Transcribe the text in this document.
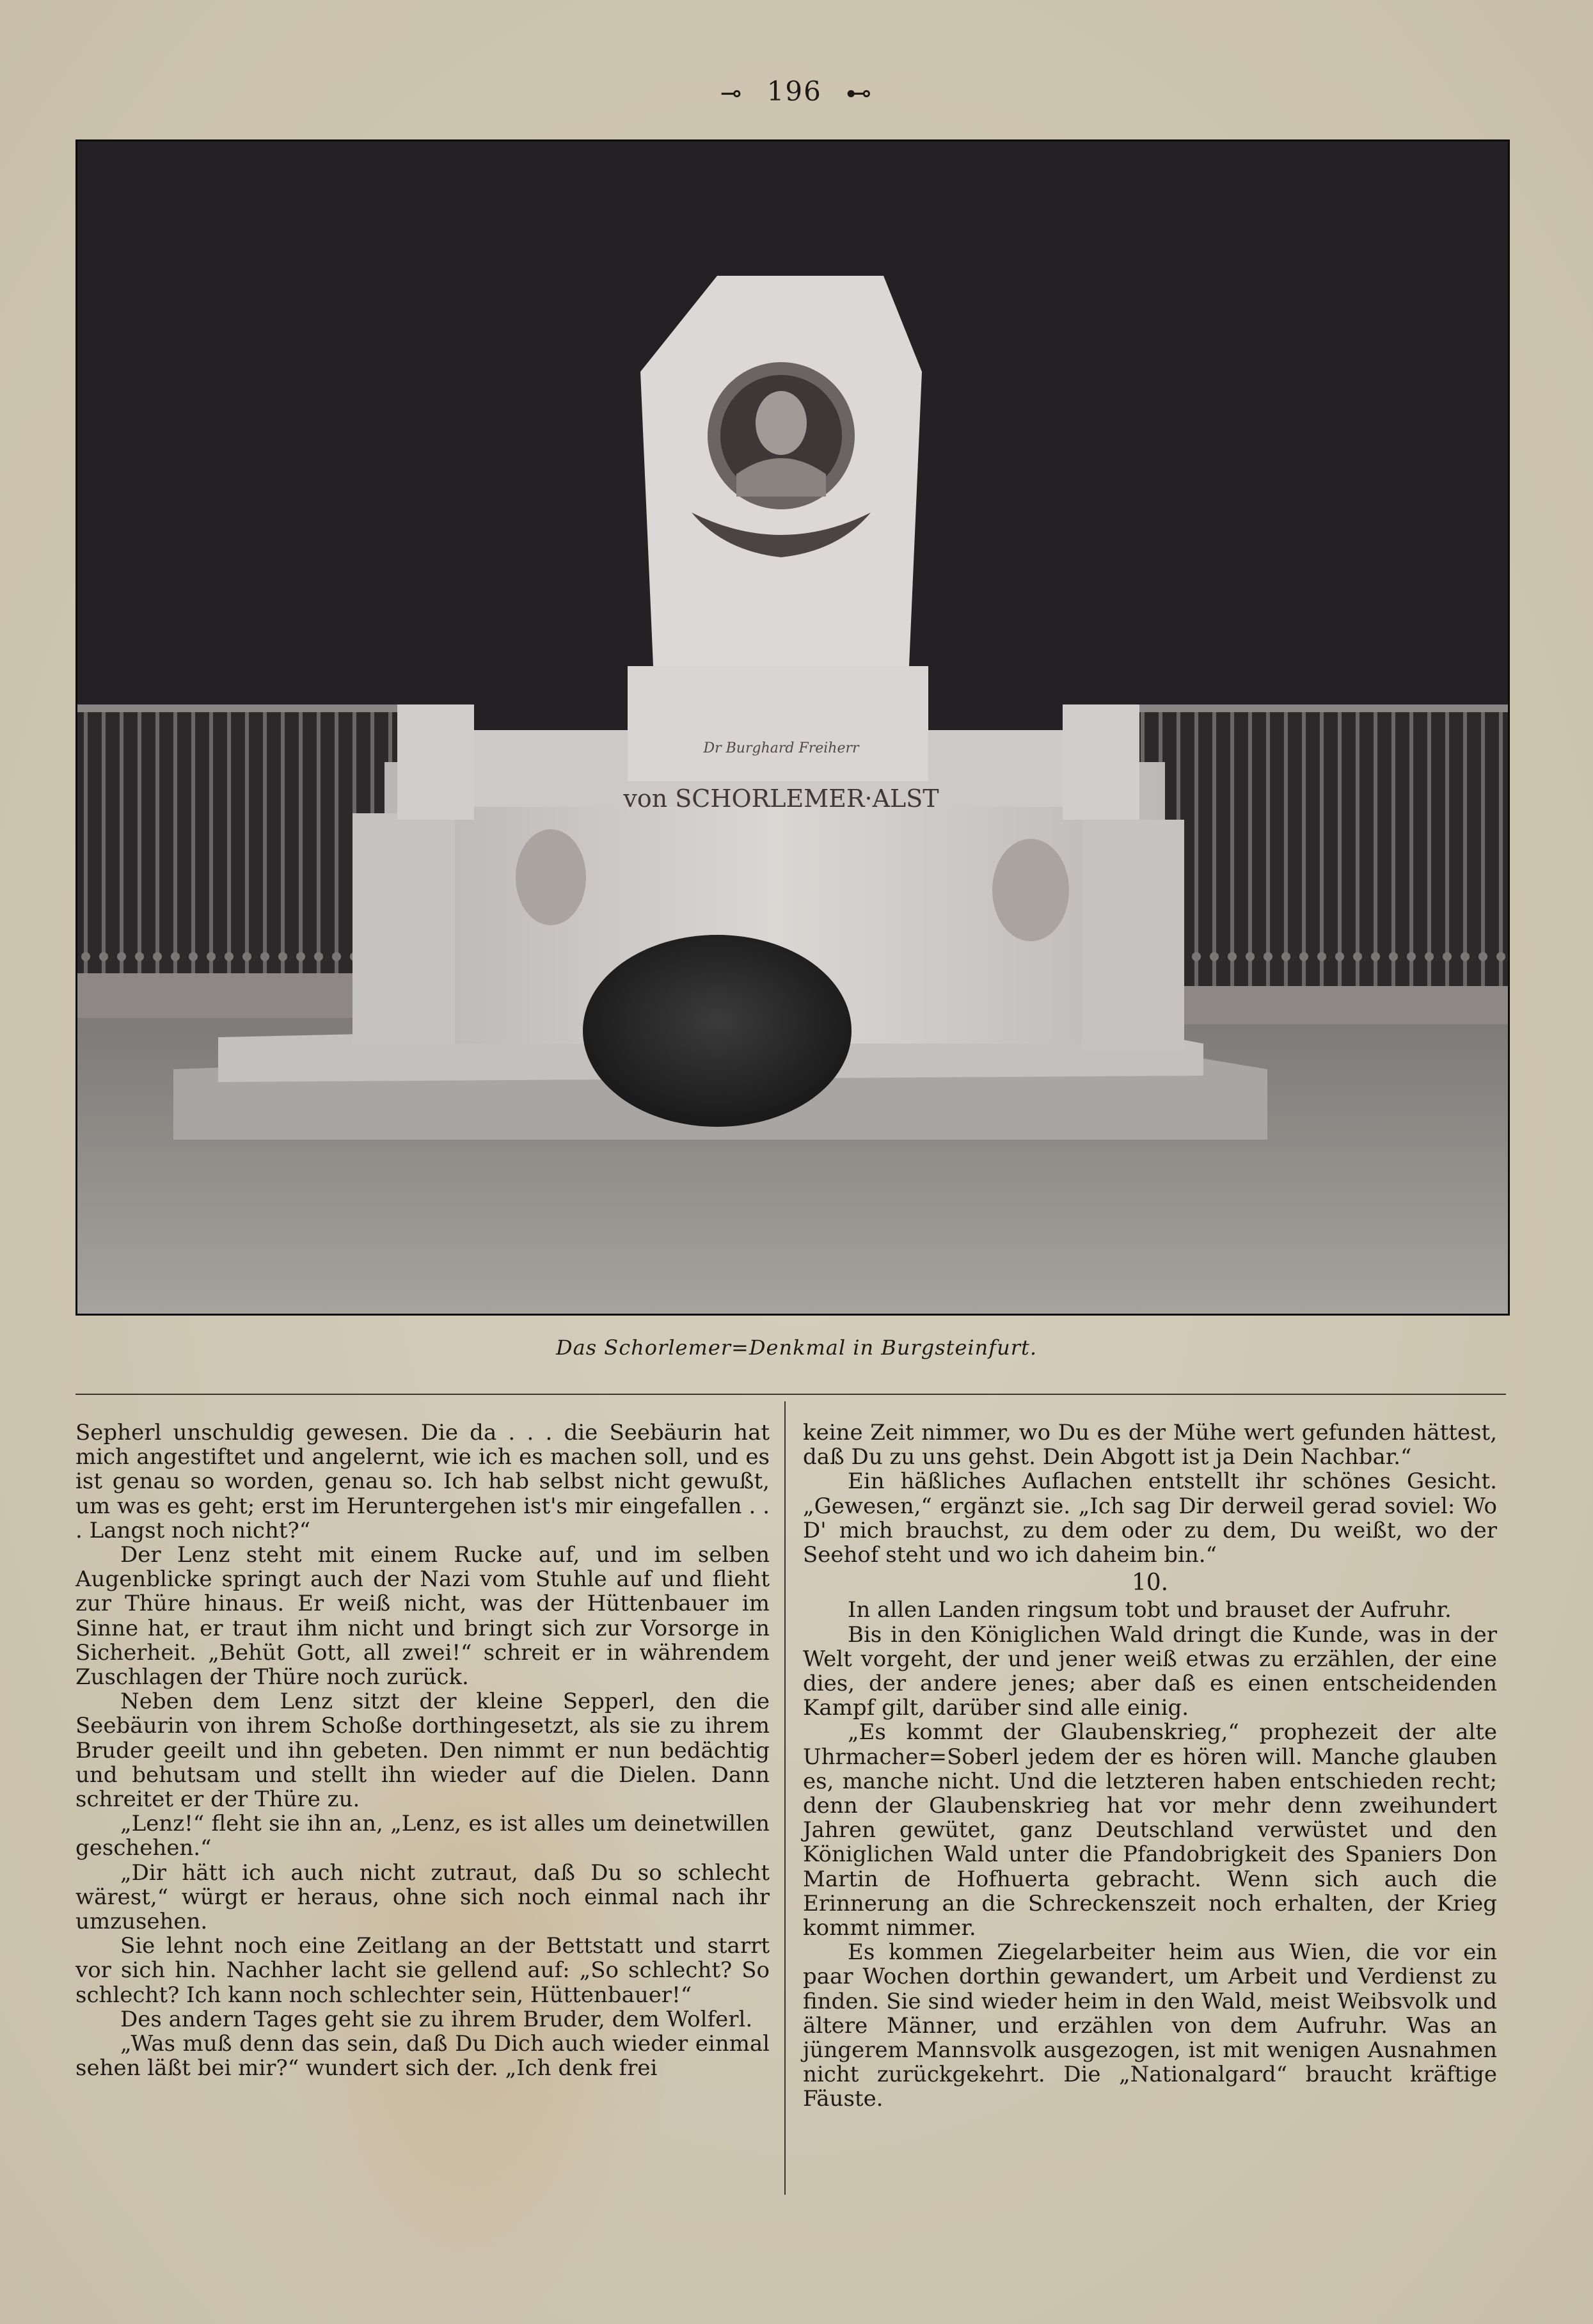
⊸ 196 ⊷
Dr Burghard Freiherr
von SCHORLEMER·ALST
Das Schorlemer=Denkmal in Burgsteinfurt.

Sepherl unschuldig gewesen. Die da . . . die Seebäurin hat mich angestiftet und angelernt, wie ich es machen soll, und es ist genau so worden, genau so. Ich hab selbst nicht gewußt, um was es geht; erst im Heruntergehen ist's mir eingefallen . . . Langst noch nicht?“

Der Lenz steht mit einem Rucke auf, und im selben Augenblicke springt auch der Nazi vom Stuhle auf und flieht zur Thüre hinaus. Er weiß nicht, was der Hüttenbauer im Sinne hat, er traut ihm nicht und bringt sich zur Vorsorge in Sicherheit. „Behüt Gott, all zwei!“ schreit er in währendem Zuschlagen der Thüre noch zurück.

Neben dem Lenz sitzt der kleine Sepperl, den die Seebäurin von ihrem Schoße dorthingesetzt, als sie zu ihrem Bruder geeilt und ihn gebeten. Den nimmt er nun bedächtig und behutsam und stellt ihn wieder auf die Dielen. Dann schreitet er der Thüre zu.

„Lenz!“ fleht sie ihn an, „Lenz, es ist alles um deinetwillen geschehen.“

„Dir hätt ich auch nicht zutraut, daß Du so schlecht wärest,“ würgt er heraus, ohne sich noch einmal nach ihr umzusehen.

Sie lehnt noch eine Zeitlang an der Bettstatt und starrt vor sich hin. Nachher lacht sie gellend auf: „So schlecht? So schlecht? Ich kann noch schlechter sein, Hüttenbauer!“

Des andern Tages geht sie zu ihrem Bruder, dem Wolferl.

„Was muß denn das sein, daß Du Dich auch wieder einmal sehen läßt bei mir?“ wundert sich der. „Ich denk frei

keine Zeit nimmer, wo Du es der Mühe wert gefunden hättest, daß Du zu uns gehst. Dein Abgott ist ja Dein Nachbar.“

Ein häßliches Auflachen entstellt ihr schönes Gesicht. „Gewesen,“ ergänzt sie. „Ich sag Dir derweil gerad soviel: Wo D' mich brauchst, zu dem oder zu dem, Du weißt, wo der Seehof steht und wo ich daheim bin.“

10.

In allen Landen ringsum tobt und brauset der Aufruhr.

Bis in den Königlichen Wald dringt die Kunde, was in der Welt vorgeht, der und jener weiß etwas zu erzählen, der eine dies, der andere jenes; aber daß es einen entscheidenden Kampf gilt, darüber sind alle einig.

„Es kommt der Glaubenskrieg,“ prophezeit der alte Uhrmacher=Soberl jedem der es hören will. Manche glauben es, manche nicht. Und die letzteren haben entschieden recht; denn der Glaubenskrieg hat vor mehr denn zweihundert Jahren gewütet, ganz Deutschland verwüstet und den Königlichen Wald unter die Pfandobrigkeit des Spaniers Don Martin de Hofhuerta gebracht. Wenn sich auch die Erinnerung an die Schreckenszeit noch erhalten, der Krieg kommt nimmer.

Es kommen Ziegelarbeiter heim aus Wien, die vor ein paar Wochen dorthin gewandert, um Arbeit und Verdienst zu finden. Sie sind wieder heim in den Wald, meist Weibsvolk und ältere Männer, und erzählen von dem Aufruhr. Was an jüngerem Mannsvolk ausgezogen, ist mit wenigen Ausnahmen nicht zurückgekehrt. Die „Nationalgard“ braucht kräftige Fäuste.
